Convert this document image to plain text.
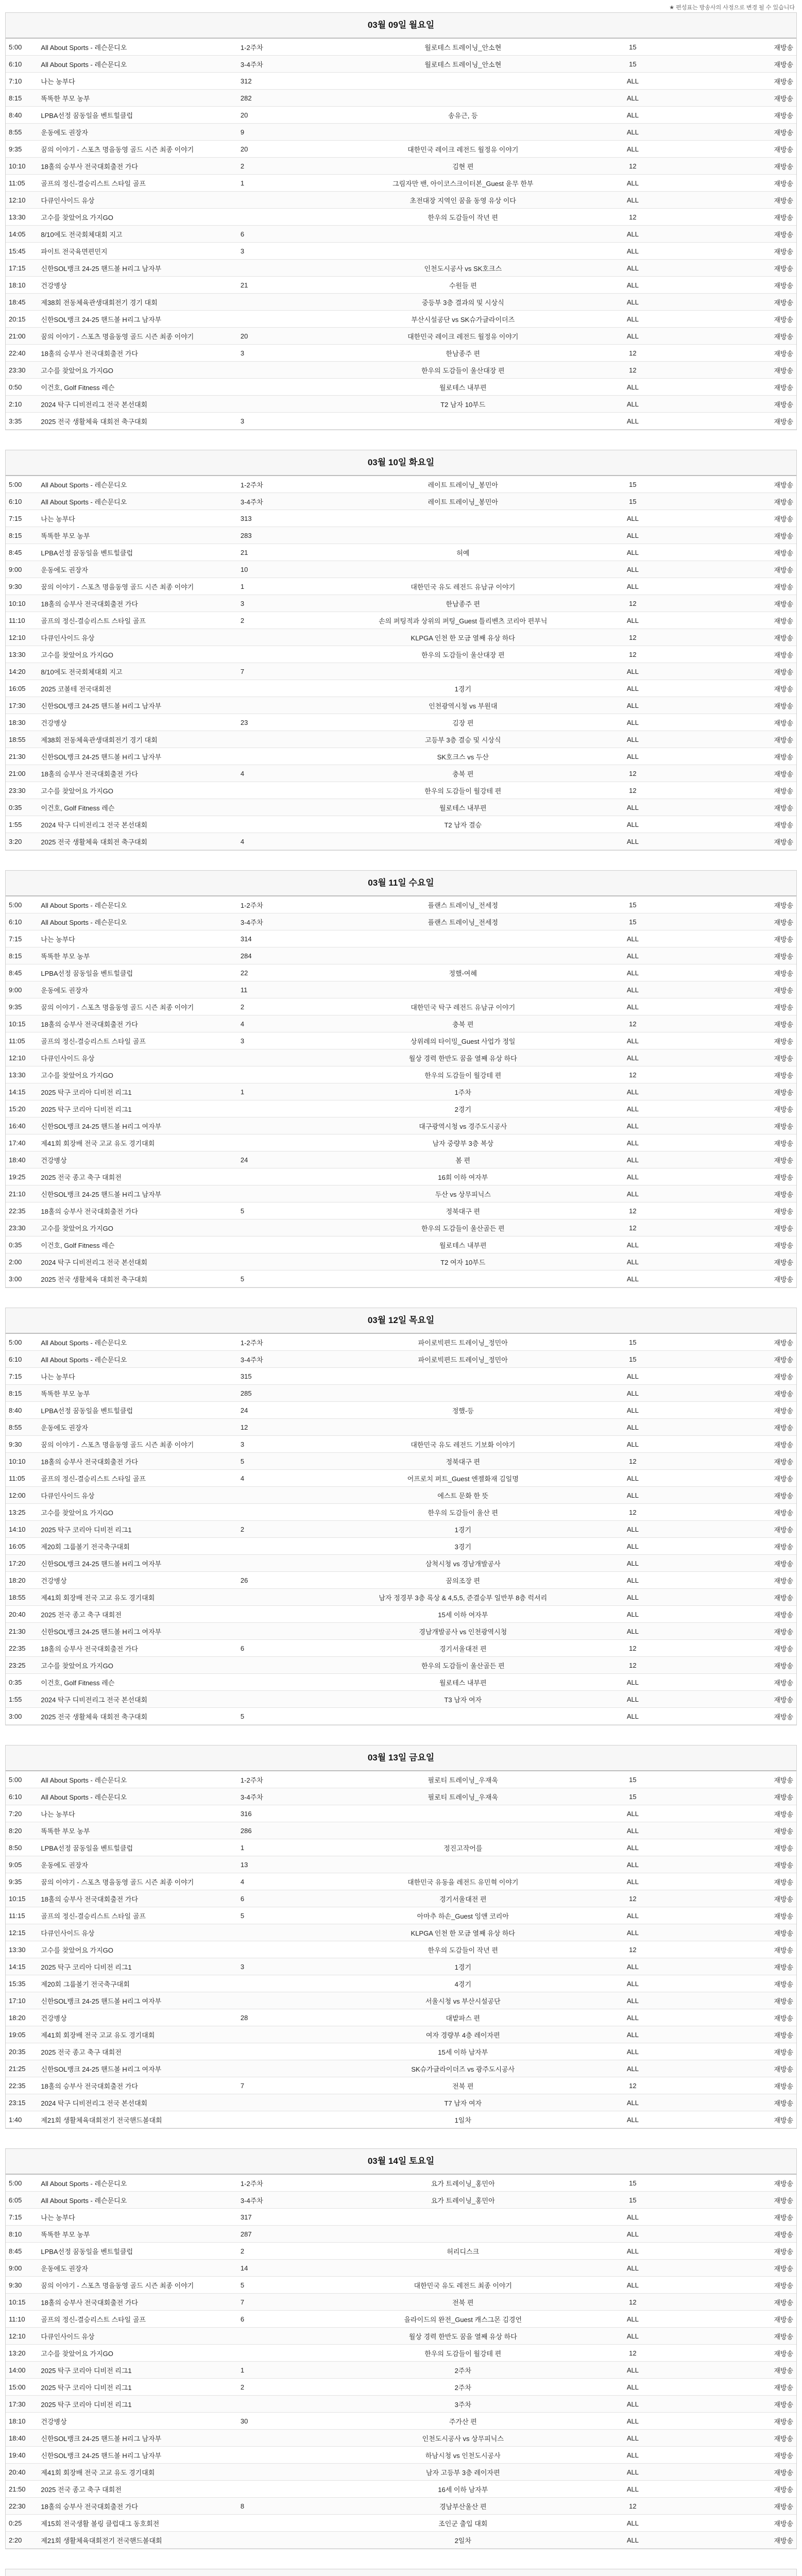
★ 편성표는 방송사의 사정으로 변경 될 수 있습니다
03월 09일 월요일
5:00	All About Sports - 레슨문디오	1-2주차	월로테스 트레이닝_안소현	15	재방송
6:10	All About Sports - 레슨문디오	3-4주차	월로테스 트레이닝_안소현	15	재방송
7:10	나는 농부다	312		ALL	재방송
8:15	똑똑한 부모 농부	282		ALL	재방송
8:40	LPBA선정 꿈동일을 벤트힐클럽	20	송유근, 등	ALL	재방송
8:55	운동에도 권장자	9		ALL	재방송
9:35	꿈의 이야기 - 스포츠 명을동영 골드 시즌 최종 이야기	20	대한민국 레이크 레전드 월정유 이야기	ALL	재방송
10:10	18홀의 승부사 전국대회출전 가다	2	김현 편	12	재방송
11:05	골프의 정신-결승리스트 스타일 골프	1	그림자만 밴, 아이코스크이터본_Guest 윤무 한부	ALL	재방송
12:10	다큐인사이드 유상		초전대장 지역인 꿈을 동영 유상 이다	ALL	재방송
13:30	고수를 찾았어요 가지GO		한우의 도감들이 작년 편	12	재방송
14:05	8/10에도 전국회체대회 지고	6		ALL	재방송
15:45	파이트 전국육면편민지	3		ALL	재방송
17:15	신한SOL뱅크 24-25 핸드볼 H리그 남자부		인천도시공사 vs SK호크스	ALL	재방송
18:10	건강병상	21	수원들 편	ALL	재방송
18:45	제38회 전동체육관생대회전기 경기 대회		중등부 3층 결과의 및 시상식	ALL	재방송
20:15	신한SOL뱅크 24-25 핸드볼 H리그 남자부		부산시설공단 vs SK슈가글라이더즈	ALL	재방송
21:00	꿈의 이야기 - 스포츠 명을동영 골드 시즌 최종 이야기	20	대한민국 레이크 레전드 월정유 이야기	ALL	재방송
22:40	18홀의 승부사 전국대회출전 가다	3	한남종주 편	12	재방송
23:30	고수를 찾았어요 가지GO		한우의 도감들이 울산대장 편	12	재방송
0:50	이건호, Golf Fitness 레슨		월로테스 내부편	ALL	재방송
2:10	2024 탁구 디비전리그 전국 본선대회		T2 남자 10부드	ALL	재방송
3:35	2025 전국 생활체육 대회전 축구대회	3		ALL	재방송
03월 10일 화요일
5:00	All About Sports - 레슨문디오	1-2주차	레이트 트레이닝_봉민아	15	재방송
6:10	All About Sports - 레슨문디오	3-4주차	레이트 트레이닝_봉민아	15	재방송
7:15	나는 농부다	313		ALL	재방송
8:15	똑똑한 부모 농부	283		ALL	재방송
8:45	LPBA선정 꿈동일을 벤트힐클럽	21	허예	ALL	재방송
9:00	운동에도 권장자	10		ALL	재방송
9:30	꿈의 이야기 - 스포츠 명을동영 골드 시즌 최종 이야기	1	대한민국 유도 레전드 유남규 이야기	ALL	재방송
10:10	18홀의 승부사 전국대회출전 가다	3	한남종주 편	12	재방송
11:10	골프의 정신-결승리스트 스타일 골프	2	손의 퍼팅적과 상위의 퍼팅_Guest 틀리벤츠 코리아 편부닉	ALL	재방송
12:10	다큐인사이드 유상		KLPGA 인천 한 모금 열째 유상 하다	12	재방송
13:30	고수를 찾았어요 가지GO		한우의 도감들이 울산대장 편	12	재방송
14:20	8/10에도 전국회체대회 지고	7		ALL	재방송
16:05	2025 코볼테 전국대회전		1경기	ALL	재방송
17:30	신한SOL뱅크 24-25 핸드볼 H리그 남자부		인천광역시청 vs 부원대	ALL	재방송
18:30	건강병상	23	김장 편	ALL	재방송
18:55	제38회 전동체육관생대회전기 경기 대회		고등부 3층 결승 및 시상식	ALL	재방송
21:30	신한SOL뱅크 24-25 핸드볼 H리그 남자부		SK호크스 vs 두산	ALL	재방송
21:00	18홀의 승부사 전국대회출전 가다	4	충북 편	12	재방송
23:30	고수를 찾았어요 가지GO		한우의 도감들이 월강테 편	12	재방송
0:35	이건호, Golf Fitness 레슨		월로테스 내부편	ALL	재방송
1:55	2024 탁구 디비전리그 전국 본선대회		T2 남자 결승	ALL	재방송
3:20	2025 전국 생활체육 대회전 축구대회	4		ALL	재방송
03월 11일 수요일
5:00	All About Sports - 레슨문디오	1-2주차	플랜스 트레이닝_전세정	15	재방송
6:10	All About Sports - 레슨문디오	3-4주차	플랜스 트레이닝_전세정	15	재방송
7:15	나는 농부다	314		ALL	재방송
8:15	똑똑한 부모 농부	284		ALL	재방송
8:45	LPBA선정 꿈동일을 벤트힐클럽	22	정했-여혜	ALL	재방송
9:00	운동에도 권장자	11		ALL	재방송
9:35	꿈의 이야기 - 스포츠 명을동영 골드 시즌 최종 이야기	2	대한민국 탁구 레전드 유남규 이야기	ALL	재방송
10:15	18홀의 승부사 전국대회출전 가다	4	충북 편	12	재방송
11:05	골프의 정신-결승리스트 스타일 골프	3	상위레의 타이밍_Guest 사업가 정일	ALL	재방송
12:10	다큐인사이드 유상		월상 경력 한반도 꿈을 열째 유상 하다	ALL	재방송
13:30	고수를 찾았어요 가지GO		한우의 도감들이 월강테 편	12	재방송
14:15	2025 탁구 코리아 디비전 리그1	1	1주차	ALL	재방송
15:20	2025 탁구 코리아 디비전 리그1		2경기	ALL	재방송
16:40	신한SOL뱅크 24-25 핸드볼 H리그 여자부		대구광역시청 vs 경주도시공사	ALL	재방송
17:40	제41회 회장배 전국 고교 유도 경기대회		남자 중량부 3층 복상	ALL	재방송
18:40	건강병상	24	봄 편	ALL	재방송
19:25	2025 전국 종고 축구 대회전		16회 이하 여자부	ALL	재방송
21:10	신한SOL뱅크 24-25 핸드볼 H리그 남자부		두산 vs 상무피닉스	ALL	재방송
22:35	18홀의 승부사 전국대회출전 가다	5	정북대구 편	12	재방송
23:30	고수를 찾았어요 가지GO		한우의 도감들이 울산골든 편	12	재방송
0:35	이건호, Golf Fitness 레슨		월로테스 내부편	ALL	재방송
2:00	2024 탁구 디비전리그 전국 본선대회		T2 여자 10부드	ALL	재방송
3:00	2025 전국 생활체육 대회전 축구대회	5		ALL	재방송
03월 12일 목요일
5:00	All About Sports - 레슨문디오	1-2주차	파이로빅편드 트레이닝_정민아	15	재방송
6:10	All About Sports - 레슨문디오	3-4주차	파이로빅편드 트레이닝_정민아	15	재방송
7:15	나는 농부다	315		ALL	재방송
8:15	똑똑한 부모 농부	285		ALL	재방송
8:40	LPBA선정 꿈동일을 벤트힐클럽	24	정했-등	ALL	재방송
8:55	운동에도 권장자	12		ALL	재방송
9:30	꿈의 이야기 - 스포츠 명을동영 골드 시즌 최종 이야기	3	대한민국 유도 레전드 기보화 이야기	ALL	재방송
10:10	18홀의 승부사 전국대회출전 가다	5	정북대구 편	12	재방송
11:05	골프의 정신-결승리스트 스타일 골프	4	어프로치 퍼트_Guest 엔젤화재 김일명	ALL	재방송
12:00	다큐인사이드 유상		에스트 문화 한 뜻	ALL	재방송
13:25	고수를 찾았어요 가지GO		한우의 도감들이 울산 편	12	재방송
14:10	2025 탁구 코리아 디비전 리그1	2	1경기	ALL	재방송
16:05	제20회 그룹볼기 전국축구대회		3경기	ALL	재방송
17:20	신한SOL뱅크 24-25 핸드볼 H리그 여자부		삼척시청 vs 경남개발공사	ALL	재방송
18:20	건강병상	26	꿈의조장 편	ALL	재방송
18:55	제41회 회장배 전국 고교 유도 경기대회		남자 정경부 3층 록상 & 4,5,5, 준결승부 일반부 8층 럭셔리	ALL	재방송
20:40	2025 전국 종고 축구 대회전		15세 이하 여자부	ALL	재방송
21:30	신한SOL뱅크 24-25 핸드볼 H리그 여자부		경남개발공사 vs 인천광역시청	ALL	재방송
22:35	18홀의 승부사 전국대회출전 가다	6	경기서울대전 편	12	재방송
23:25	고수를 찾았어요 가지GO		한우의 도감들이 울산골든 편	12	재방송
0:35	이건호, Golf Fitness 레슨		월로테스 내부편	ALL	재방송
1:55	2024 탁구 디비전리그 전국 본선대회		T3 남자 여자	ALL	재방송
3:00	2025 전국 생활체육 대회전 축구대회	5		ALL	재방송
03월 13일 금요일
5:00	All About Sports - 레슨문디오	1-2주차	필로티 트레이닝_우재욱	15	재방송
6:10	All About Sports - 레슨문디오	3-4주차	필로티 트레이닝_우재욱	15	재방송
7:20	나는 농부다	316		ALL	재방송
8:20	똑똑한 부모 농부	286		ALL	재방송
8:50	LPBA선정 꿈동일을 벤트힐클럽	1	정진고작어를	ALL	재방송
9:05	운동에도 권장자	13		ALL	재방송
9:35	꿈의 이야기 - 스포츠 명을동영 골드 시즌 최종 이야기	4	대한민국 유동을 레전드 유민혁 이야기	ALL	재방송
10:15	18홀의 승부사 전국대회출전 가다	6	경기서울대전 편	12	재방송
11:15	골프의 정신-결승리스트 스타일 골프	5	아마추 하손_Guest 잉앤 코리아	ALL	재방송
12:15	다큐인사이드 유상		KLPGA 인천 한 모금 열째 유상 하다	ALL	재방송
13:30	고수를 찾았어요 가지GO		한우의 도감들이 작년 편	12	재방송
14:15	2025 탁구 코리아 디비전 리그1	3	1경기	ALL	재방송
15:35	제20회 그룹볼기 전국축구대회		4경기	ALL	재방송
17:10	신한SOL뱅크 24-25 핸드볼 H리그 여자부		서울시청 vs 부산시설공단	ALL	재방송
18:20	건강병상	28	대밭파스 편	ALL	재방송
19:05	제41회 회장배 전국 고교 유도 경기대회		여자 경량부 4층 레이자편	ALL	재방송
20:35	2025 전국 종고 축구 대회전		15세 이하 남자부	ALL	재방송
21:25	신한SOL뱅크 24-25 핸드볼 H리그 여자부		SK슈가글라이더즈 vs 광주도시공사	ALL	재방송
22:35	18홀의 승부사 전국대회출전 가다	7	전북 편	12	재방송
23:15	2024 탁구 디비전리그 전국 본선대회		T7 남자 여자	ALL	재방송
1:40	제21회 생활체육대회전기 전국핸드볼대회		1일차	ALL	재방송
03월 14일 토요일
5:00	All About Sports - 레슨문디오	1-2주차	요가 트레이닝_홍민아	15	재방송
6:05	All About Sports - 레슨문디오	3-4주차	요가 트레이닝_홍민아	15	재방송
7:15	나는 농부다	317		ALL	재방송
8:10	똑똑한 부모 농부	287		ALL	재방송
8:45	LPBA선정 꿈동일을 벤트힐클럽	2	허리디스크	ALL	재방송
9:00	운동에도 권장자	14		ALL	재방송
9:30	꿈의 이야기 - 스포츠 명을동영 골드 시즌 최종 이야기	5	대한민국 유도 레전드 최종 이야기	ALL	재방송
10:15	18홀의 승부사 전국대회출전 가다	7	전북 편	12	재방송
11:10	골프의 정신-결승리스트 스타일 골프	6	을라이드의 완전_Guest 캐스그몬 김경언	ALL	재방송
12:10	다큐인사이드 유상		월상 경력 한반도 꿈을 열째 유상 하다	ALL	재방송
13:20	고수를 찾았어요 가지GO		한우의 도감들이 월강테 편	12	재방송
14:00	2025 탁구 코리아 디비전 리그1	1	2주차	ALL	재방송
15:00	2025 탁구 코리아 디비전 리그1	2	2주차	ALL	재방송
17:30	2025 탁구 코리아 디비전 리그1		3주차	ALL	재방송
18:10	건강병상	30	주가산 편	ALL	재방송
18:40	신한SOL뱅크 24-25 핸드볼 H리그 남자부		인천도시공사 vs 상무피닉스	ALL	재방송
19:40	신한SOL뱅크 24-25 핸드볼 H리그 남자부		하남시청 vs 인천도시공사	ALL	재방송
20:40	제41회 회장배 전국 고교 유도 경기대회		남자 고등부 3층 레이자편	ALL	재방송
21:50	2025 전국 종고 축구 대회전		16세 이하 남자부	ALL	재방송
22:30	18홀의 승부사 전국대회출전 가다	8	경남부산울산 편	12	재방송
0:25	제15회 전국생활 볼링 클럽대그 동호회전		조인군 출입 대회	ALL	재방송
2:20	제21회 생활체육대회전기 전국핸드볼대회		2일차	ALL	재방송
